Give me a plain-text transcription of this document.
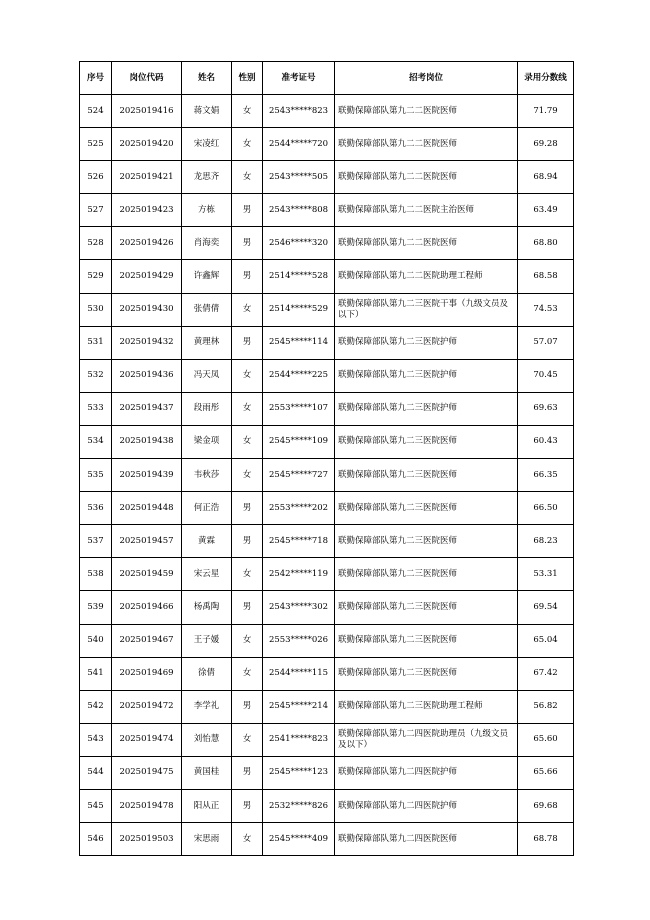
序号	岗位代码	姓名	性别	准考证号	招考岗位	录用分数线
524	2025019416	蒋文娟	女	2543*****823	联勤保障部队第九二二医院医师	71.79
525	2025019420	宋凌红	女	2544*****720	联勤保障部队第九二二医院医师	69.28
526	2025019421	龙思齐	女	2543*****505	联勤保障部队第九二二医院医师	68.94
527	2025019423	方栋	男	2543*****808	联勤保障部队第九二二医院主治医师	63.49
528	2025019426	肖海奕	男	2546*****320	联勤保障部队第九二二医院医师	68.80
529	2025019429	许鑫辉	男	2514*****528	联勤保障部队第九二二医院助理工程师	68.58
530	2025019430	张倩倩	女	2514*****529	联勤保障部队第九二三医院干事（九级文员及以下）	74.53
531	2025019432	黄理林	男	2545*****114	联勤保障部队第九二三医院护师	57.07
532	2025019436	冯天凤	女	2544*****225	联勤保障部队第九二三医院护师	70.45
533	2025019437	段雨彤	女	2553*****107	联勤保障部队第九二三医院护师	69.63
534	2025019438	梁金项	女	2545*****109	联勤保障部队第九二三医院医师	60.43
535	2025019439	韦秋莎	女	2545*****727	联勤保障部队第九二三医院医师	66.35
536	2025019448	何正浩	男	2553*****202	联勤保障部队第九二三医院医师	66.50
537	2025019457	黄霖	男	2545*****718	联勤保障部队第九二三医院医师	68.23
538	2025019459	宋云星	女	2542*****119	联勤保障部队第九二三医院医师	53.31
539	2025019466	杨禹陶	男	2543*****302	联勤保障部队第九二三医院医师	69.54
540	2025019467	王子媛	女	2553*****026	联勤保障部队第九二三医院医师	65.04
541	2025019469	徐倩	女	2544*****115	联勤保障部队第九二三医院医师	67.42
542	2025019472	李学礼	男	2545*****214	联勤保障部队第九二三医院助理工程师	56.82
543	2025019474	刘怡慧	女	2541*****823	联勤保障部队第九二四医院助理员（九级文员及以下）	65.60
544	2025019475	黄国桂	男	2545*****123	联勤保障部队第九二四医院护师	65.66
545	2025019478	阳从正	男	2532*****826	联勤保障部队第九二四医院护师	69.68
546	2025019503	宋思雨	女	2545*****409	联勤保障部队第九二四医院医师	68.78
